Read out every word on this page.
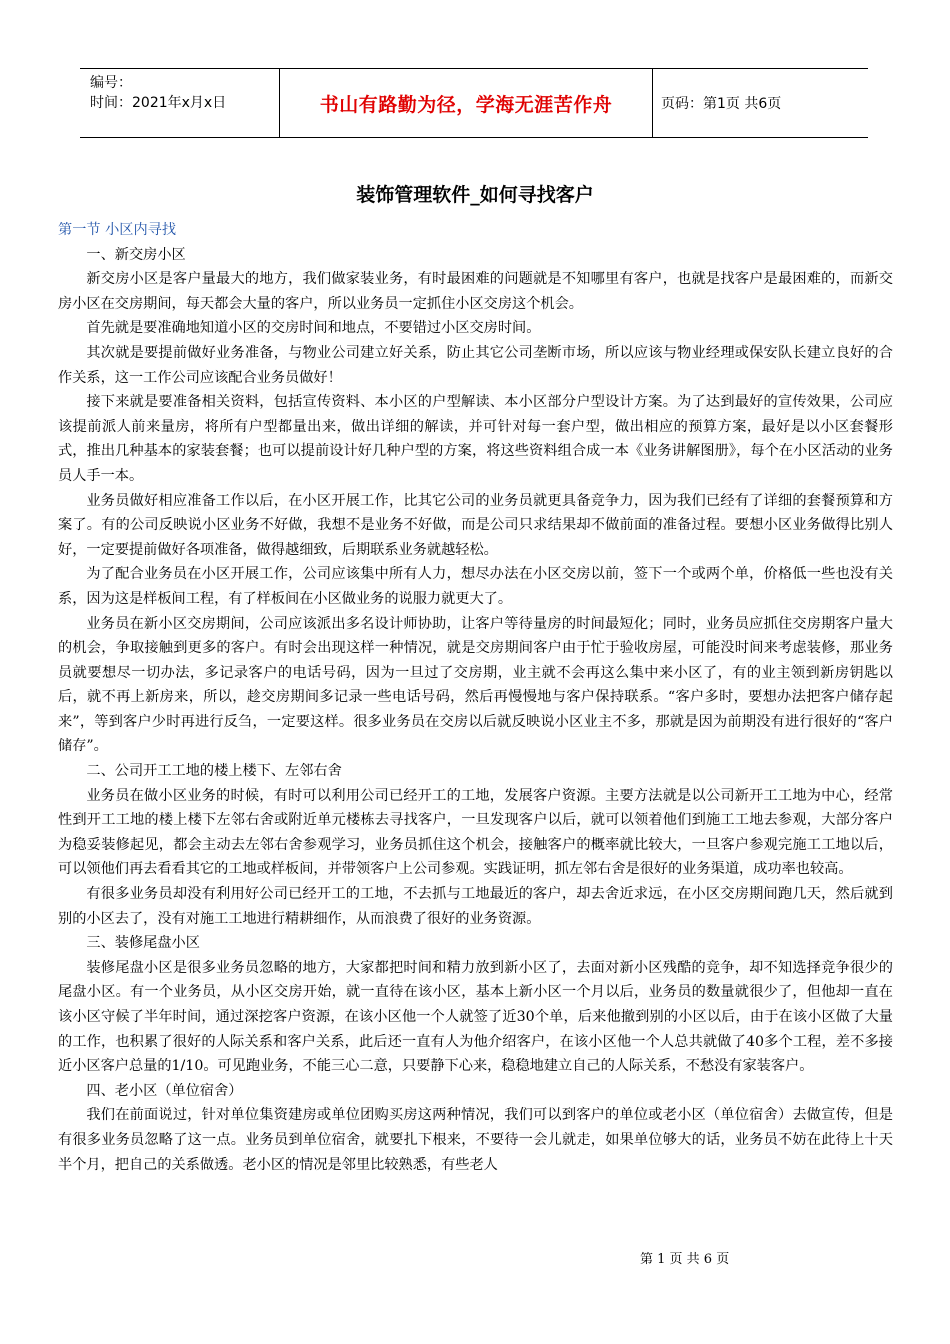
编号：
时间：2021年x月x日	书山有路勤为径，学海无涯苦作舟	页码：第1页 共6页
装饰管理软件_如何寻找客户

第一节 小区内寻找

一、新交房小区

新交房小区是客户量最大的地方，我们做家装业务，有时最困难的问题就是不知哪里有客户，也就是找客户是最困难的，而新交房小区在交房期间，每天都会大量的客户，所以业务员一定抓住小区交房这个机会。

首先就是要准确地知道小区的交房时间和地点，不要错过小区交房时间。

其次就是要提前做好业务准备，与物业公司建立好关系，防止其它公司垄断市场，所以应该与物业经理或保安队长建立良好的合作关系，这一工作公司应该配合业务员做好！

接下来就是要准备相关资料，包括宣传资料、本小区的户型解读、本小区部分户型设计方案。为了达到最好的宣传效果，公司应该提前派人前来量房，将所有户型都量出来，做出详细的解读，并可针对每一套户型，做出相应的预算方案，最好是以小区套餐形式，推出几种基本的家装套餐；也可以提前设计好几种户型的方案，将这些资料组合成一本《业务讲解图册》，每个在小区活动的业务员人手一本。

业务员做好相应准备工作以后，在小区开展工作，比其它公司的业务员就更具备竞争力，因为我们已经有了详细的套餐预算和方案了。有的公司反映说小区业务不好做，我想不是业务不好做，而是公司只求结果却不做前面的准备过程。要想小区业务做得比别人好，一定要提前做好各项准备，做得越细致，后期联系业务就越轻松。

为了配合业务员在小区开展工作，公司应该集中所有人力，想尽办法在小区交房以前，签下一个或两个单，价格低一些也没有关系，因为这是样板间工程，有了样板间在小区做业务的说服力就更大了。

业务员在新小区交房期间，公司应该派出多名设计师协助，让客户等待量房的时间最短化；同时，业务员应抓住交房期客户量大的机会，争取接触到更多的客户。有时会出现这样一种情况，就是交房期间客户由于忙于验收房屋，可能没时间来考虑装修，那业务员就要想尽一切办法，多记录客户的电话号码，因为一旦过了交房期，业主就不会再这么集中来小区了，有的业主领到新房钥匙以后，就不再上新房来，所以，趁交房期间多记录一些电话号码，然后再慢慢地与客户保持联系。“客户多时，要想办法把客户储存起来”，等到客户少时再进行反刍，一定要这样。很多业务员在交房以后就反映说小区业主不多，那就是因为前期没有进行很好的“客户储存”。

二、公司开工工地的楼上楼下、左邻右舍

业务员在做小区业务的时候，有时可以利用公司已经开工的工地，发展客户资源。主要方法就是以公司新开工工地为中心，经常性到开工工地的楼上楼下左邻右舍或附近单元楼栋去寻找客户，一旦发现客户以后，就可以领着他们到施工工地去参观，大部分客户为稳妥装修起见，都会主动去左邻右舍参观学习，业务员抓住这个机会，接触客户的概率就比较大，一旦客户参观完施工工地以后，可以领他们再去看看其它的工地或样板间，并带领客户上公司参观。实践证明，抓左邻右舍是很好的业务渠道，成功率也较高。

有很多业务员却没有利用好公司已经开工的工地，不去抓与工地最近的客户，却去舍近求远，在小区交房期间跑几天，然后就到别的小区去了，没有对施工工地进行精耕细作，从而浪费了很好的业务资源。

三、装修尾盘小区

装修尾盘小区是很多业务员忽略的地方，大家都把时间和精力放到新小区了，去面对新小区残酷的竞争，却不知选择竞争很少的尾盘小区。有一个业务员，从小区交房开始，就一直待在该小区，基本上新小区一个月以后，业务员的数量就很少了，但他却一直在该小区守候了半年时间，通过深挖客户资源，在该小区他一个人就签了近30个单，后来他撤到别的小区以后，由于在该小区做了大量的工作，也积累了很好的人际关系和客户关系，此后还一直有人为他介绍客户，在该小区他一个人总共就做了40多个工程，差不多接近小区客户总量的1/10。可见跑业务，不能三心二意，只要静下心来，稳稳地建立自己的人际关系，不愁没有家装客户。

四、老小区（单位宿舍）

我们在前面说过，针对单位集资建房或单位团购买房这两种情况，我们可以到客户的单位或老小区（单位宿舍）去做宣传，但是有很多业务员忽略了这一点。业务员到单位宿舍，就要扎下根来，不要待一会儿就走，如果单位够大的话，业务员不妨在此待上十天半个月，把自己的关系做透。老小区的情况是邻里比较熟悉，有些老人

第 1 页 共 6 页
